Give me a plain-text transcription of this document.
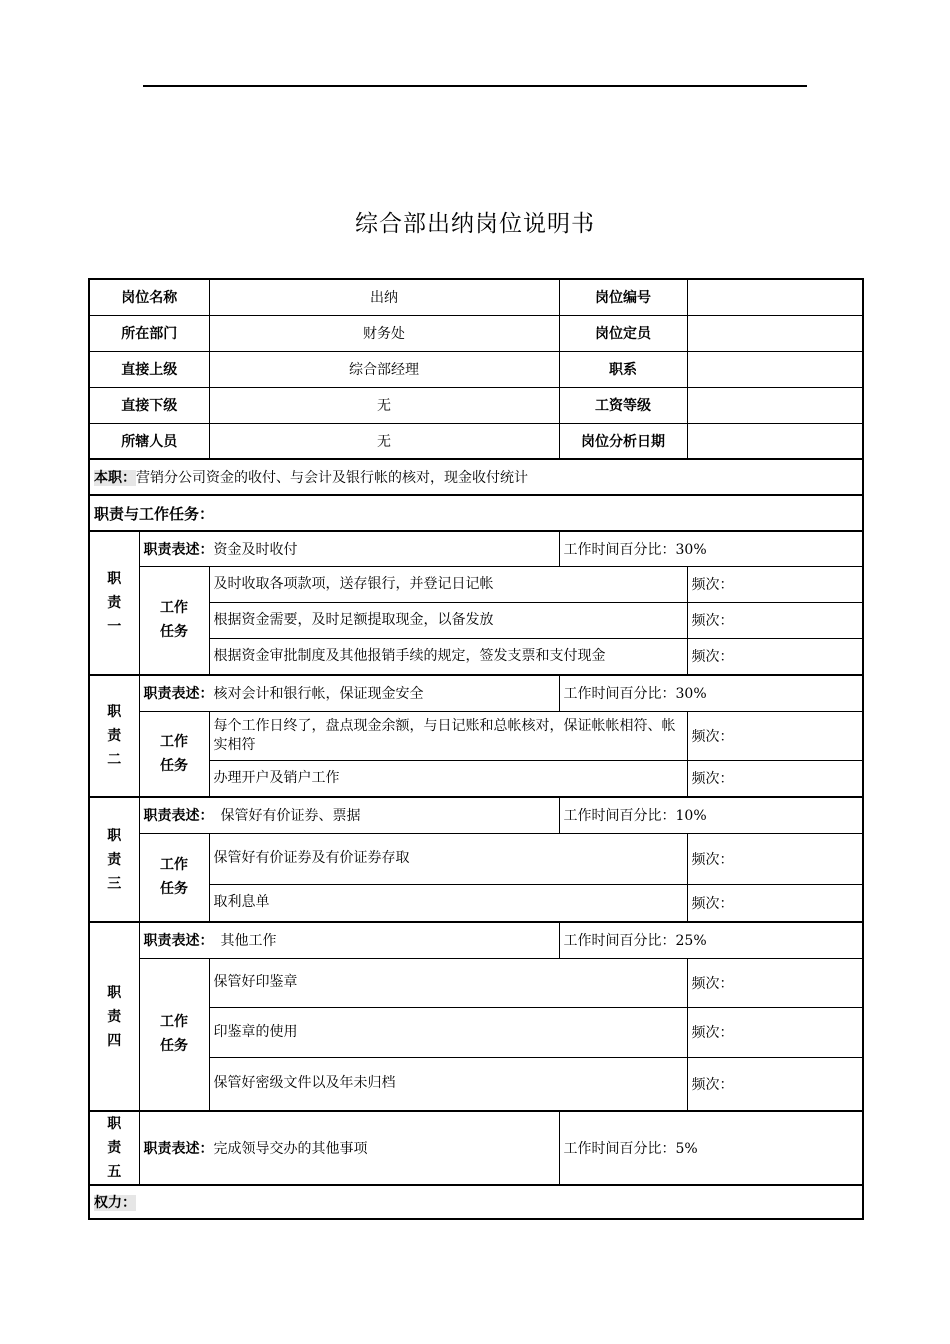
综合部出纳岗位说明书
岗位名称		出纳	岗位编号	
所在部门		财务处	岗位定员	
直接上级		综合部经理	职系	
直接下级		无	工资等级	
所辖人员		无	岗位分析日期	
本职：营销分公司资金的收付、与会计及银行帐的核对，现金收付统计				
职责与工作任务：				

职
责
一	职责表述：资金及时收付		工作时间百分比：30%	

	工作
任务	及时收取各项款项，送存银行，并登记日记帐		频次：
		根据资金需要，及时足额提取现金，以备发放		频次：
		根据资金审批制度及其他报销手续的规定，签发支票和支付现金		频次：

职
责
二	职责表述：核对会计和银行帐，保证现金安全		工作时间百分比：30%	

	工作
任务	每个工作日终了，盘点现金余额，与日记账和总帐核对，保证帐帐相符、帐实相符		频次：
		办理开户及销户工作		频次：

职
责
三	职责表述：　保管好有价证券、票据		工作时间百分比：10%	

	工作
任务	保管好有价证券及有价证券存取		频次：
		取利息单		频次：

职
责
四	职责表述：　其他工作		工作时间百分比：25%	

	工作
任务	保管好印鉴章		频次：
		印鉴章的使用		频次：
		保管好密级文件以及年未归档		频次：

职
责
五	职责表述：完成领导交办的其他事项		工作时间百分比：5%	
权力：				
